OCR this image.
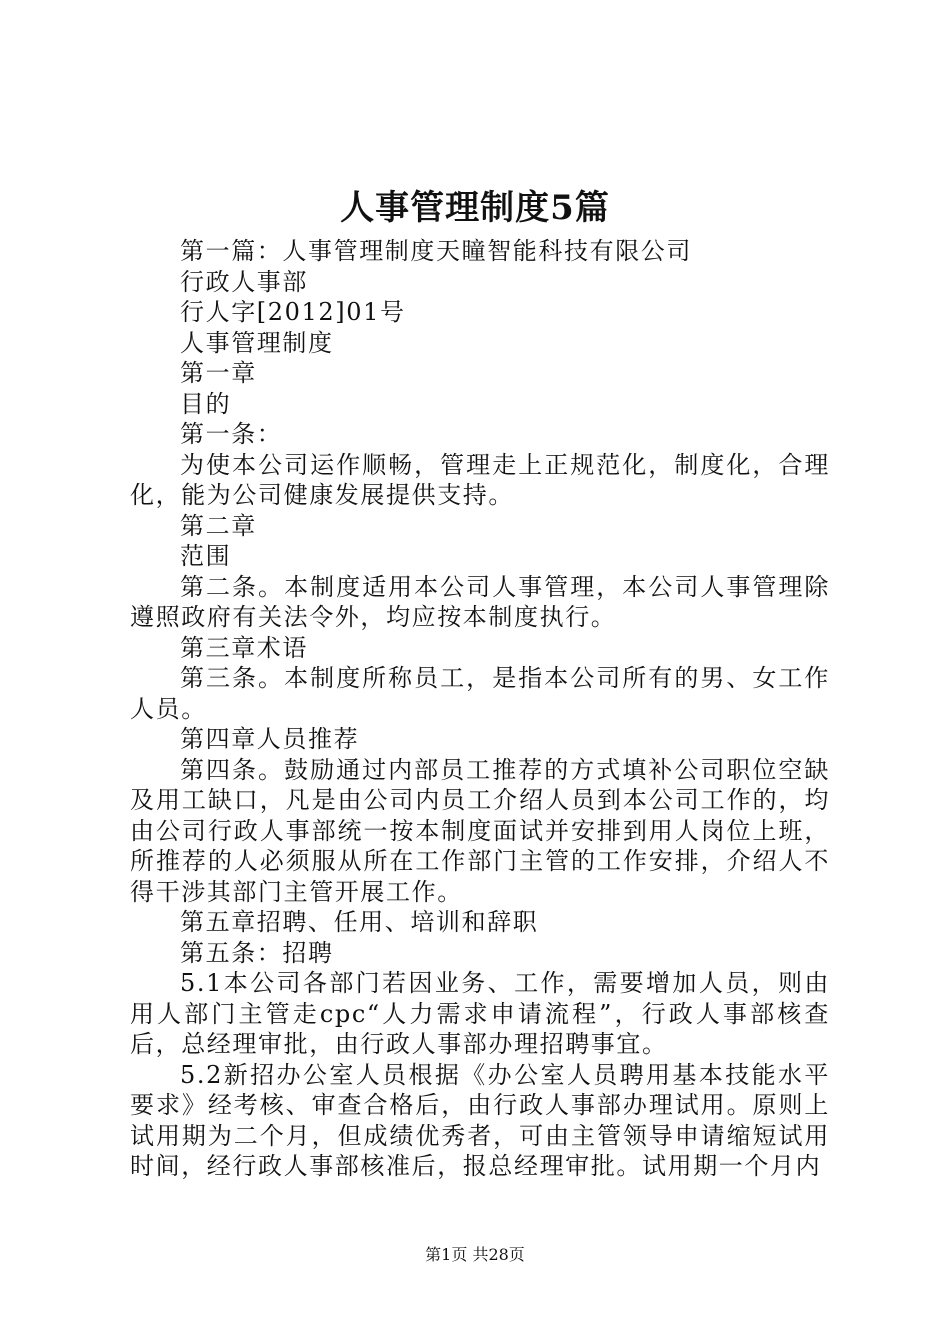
人事管理制度5篇

第一篇：人事管理制度天瞳智能科技有限公司

行政人事部

行人字[2012]01号

人事管理制度

第一章

目的

第一条：

为使本公司运作顺畅，管理走上正规范化，制度化，合理化，能为公司健康发展提供支持。

第二章

范围

第二条。本制度适用本公司人事管理，本公司人事管理除遵照政府有关法令外，均应按本制度执行。

第三章术语

第三条。本制度所称员工，是指本公司所有的男、女工作人员。

第四章人员推荐

第四条。鼓励通过内部员工推荐的方式填补公司职位空缺及用工缺口，凡是由公司内员工介绍人员到本公司工作的，均由公司行政人事部统一按本制度面试并安排到用人岗位上班，所推荐的人必须服从所在工作部门主管的工作安排，介绍人不得干涉其部门主管开展工作。

第五章招聘、任用、培训和辞职

第五条：招聘

5.1本公司各部门若因业务、工作，需要增加人员，则由用人部门主管走cpc“人力需求申请流程”，行政人事部核查后，总经理审批，由行政人事部办理招聘事宜。

5.2新招办公室人员根据《办公室人员聘用基本技能水平要求》经考核、审查合格后，由行政人事部办理试用。原则上试用期为二个月，但成绩优秀者，可由主管领导申请缩短试用时间，经行政人事部核准后，报总经理审批。试用期一个月内

第1页 共28页
